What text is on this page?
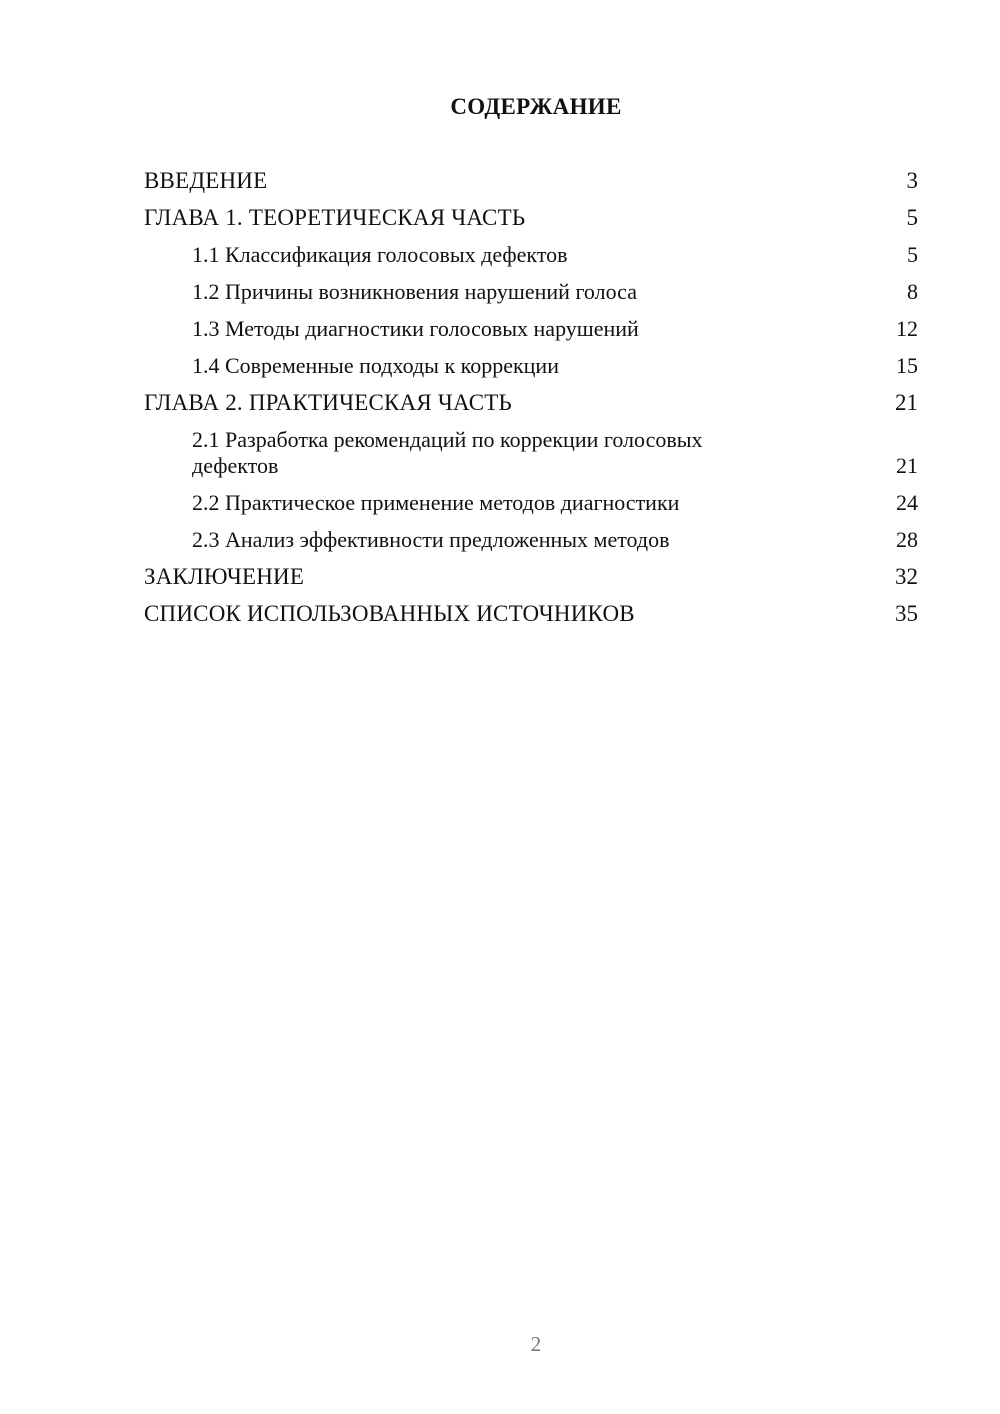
СОДЕРЖАНИЕ
ВВЕДЕНИЕ	3
ГЛАВА 1. ТЕОРЕТИЧЕСКАЯ ЧАСТЬ	5
1.1 Классификация голосовых дефектов	5
1.2 Причины возникновения нарушений голоса	8
1.3 Методы диагностики голосовых нарушений	12
1.4 Современные подходы к коррекции	15
ГЛАВА 2. ПРАКТИЧЕСКАЯ ЧАСТЬ	21
2.1 Разработка рекомендаций по коррекции голосовых дефектов	21
2.2 Практическое применение методов диагностики	24
2.3 Анализ эффективности предложенных методов	28
ЗАКЛЮЧЕНИЕ	32
СПИСОК ИСПОЛЬЗОВАННЫХ ИСТОЧНИКОВ	35
2
